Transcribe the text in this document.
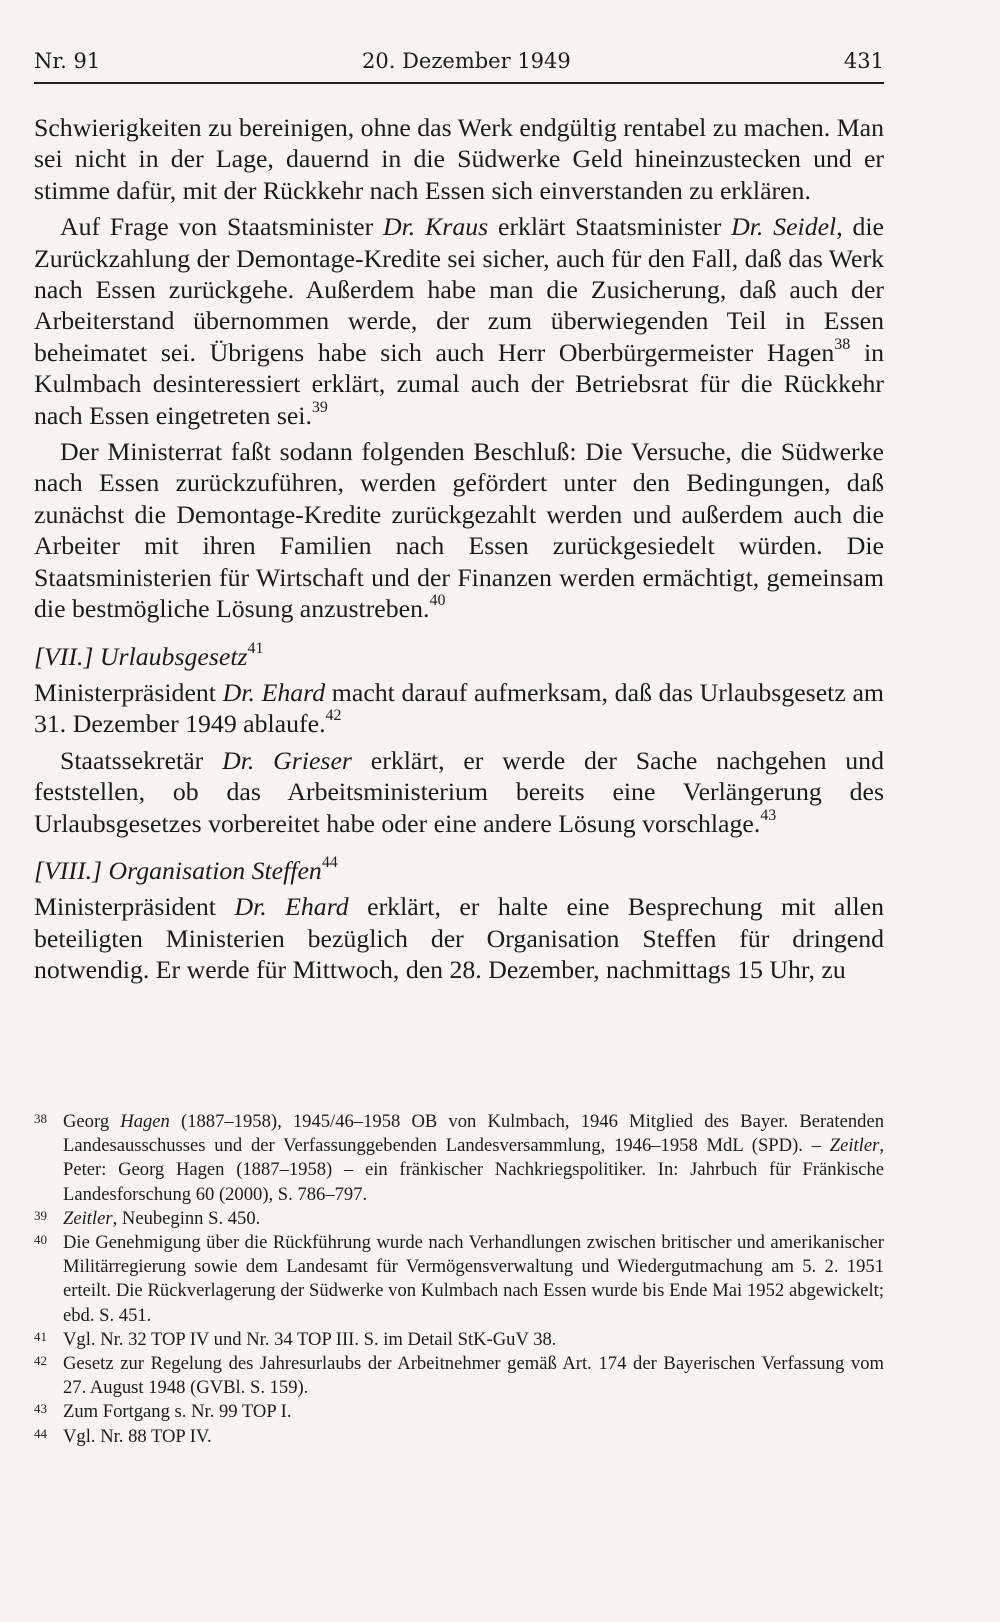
Nr. 91	20. Dezember 1949	431

Schwierigkeiten zu bereinigen, ohne das Werk endgültig rentabel zu machen. Man sei nicht in der Lage, dauernd in die Südwerke Geld hineinzustecken und er stimme dafür, mit der Rückkehr nach Essen sich einverstanden zu erklären.

Auf Frage von Staatsminister Dr. Kraus erklärt Staatsminister Dr. Seidel, die Zurückzahlung der Demontage-Kredite sei sicher, auch für den Fall, daß das Werk nach Essen zurückgehe. Außerdem habe man die Zusicherung, daß auch der Arbeiterstand übernommen werde, der zum überwiegenden Teil in Essen beheimatet sei. Übrigens habe sich auch Herr Oberbürgermeister Hagen$^{38}$ in Kulmbach desinteressiert erklärt, zumal auch der Betriebsrat für die Rückkehr nach Essen eingetreten sei.$^{39}$

Der Ministerrat faßt sodann folgenden Beschluß: Die Versuche, die Südwerke nach Essen zurückzuführen, werden gefördert unter den Bedingungen, daß zunächst die Demontage-Kredite zurückgezahlt werden und außerdem auch die Arbeiter mit ihren Familien nach Essen zurückgesiedelt würden. Die Staatsministerien für Wirtschaft und der Finanzen werden ermächtigt, gemeinsam die bestmögliche Lösung anzustreben.$^{40}$

[VII.] Urlaubsgesetz$^{41}$

Ministerpräsident Dr. Ehard macht darauf aufmerksam, daß das Urlaubsgesetz am 31. Dezember 1949 ablaufe.$^{42}$

Staatssekretär Dr. Grieser erklärt, er werde der Sache nachgehen und feststellen, ob das Arbeitsministerium bereits eine Verlängerung des Urlaubsgesetzes vorbereitet habe oder eine andere Lösung vorschlage.$^{43}$

[VIII.] Organisation Steffen$^{44}$

Ministerpräsident Dr. Ehard erklärt, er halte eine Besprechung mit allen beteiligten Ministerien bezüglich der Organisation Steffen für dringend notwendig. Er werde für Mittwoch, den 28. Dezember, nachmittags 15 Uhr, zu

38 Georg Hagen (1887–1958), 1945/46–1958 OB von Kulmbach, 1946 Mitglied des Bayer. Beratenden Landesausschusses und der Verfassunggebenden Landesversammlung, 1946–1958 MdL (SPD). – Zeitler, Peter: Georg Hagen (1887–1958) – ein fränkischer Nachkriegspolitiker. In: Jahrbuch für Fränkische Landesforschung 60 (2000), S. 786–797.

39 Zeitler, Neubeginn S. 450.

40 Die Genehmigung über die Rückführung wurde nach Verhandlungen zwischen britischer und amerikanischer Militärregierung sowie dem Landesamt für Vermögensverwaltung und Wiedergutmachung am 5. 2. 1951 erteilt. Die Rückverlagerung der Südwerke von Kulmbach nach Essen wurde bis Ende Mai 1952 abgewickelt; ebd. S. 451.

41 Vgl. Nr. 32 TOP IV und Nr. 34 TOP III. S. im Detail StK-GuV 38.

42 Gesetz zur Regelung des Jahresurlaubs der Arbeitnehmer gemäß Art. 174 der Bayerischen Verfassung vom 27. August 1948 (GVBl. S. 159).

43 Zum Fortgang s. Nr. 99 TOP I.

44 Vgl. Nr. 88 TOP IV.
